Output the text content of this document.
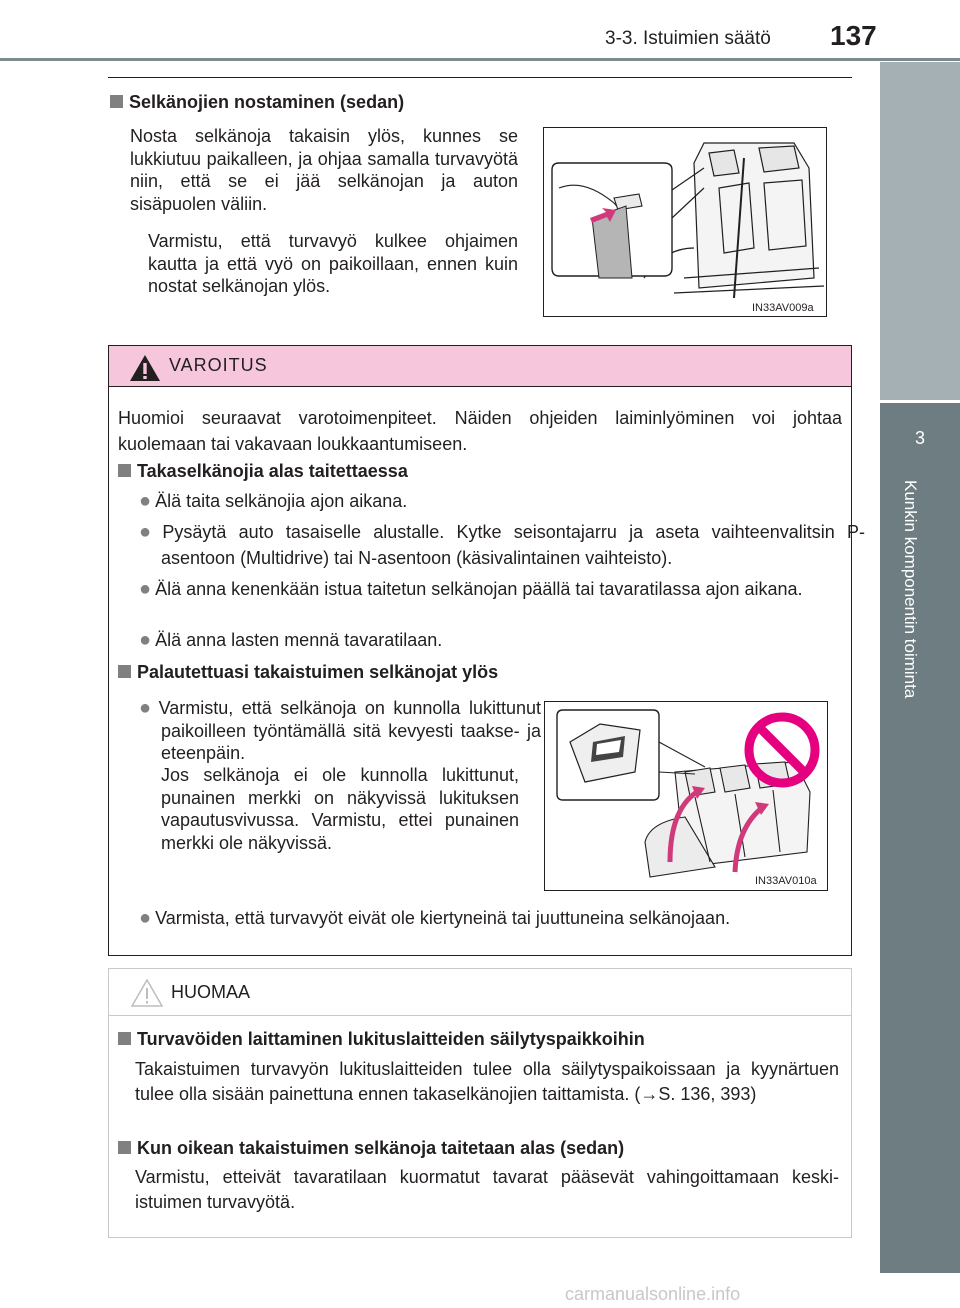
3-3. Istuimien säätö 137
3
Kunkin komponentin toiminta
Selkänojien nostaminen (sedan)
Nosta selkänoja takaisin ylös, kunnes se lukkiutuu paikalleen, ja ohjaa samalla turvavyötä niin, että se ei jää selkänojan ja auton sisäpuolen väliin.
Varmistu, että turvavyö kulkee ohjaimen kautta ja että vyö on paikoillaan, ennen kuin nostat selkänojan ylös.
IN33AV009a
VAROITUS
Huomioi seuraavat varotoimenpiteet. Näiden ohjeiden laiminlyöminen voi johtaa kuolemaan tai vakavaan loukkaantumiseen.
Takaselkänojia alas taitettaessa
● Älä taita selkänojia ajon aikana.
● Pysäytä auto tasaiselle alustalle. Kytke seisontajarru ja aseta vaihteenvalitsin P-asentoon (Multidrive) tai N-asentoon (käsivalintainen vaihteisto).
● Älä anna kenenkään istua taitetun selkänojan päällä tai tavaratilassa ajon aikana.
● Älä anna lasten mennä tavaratilaan.
Palautettuasi takaistuimen selkänojat ylös
● Varmistu, että selkänoja on kunnolla lukittunut paikoilleen työntämällä sitä kevyesti taakse- ja eteenpäin.
Jos selkänoja ei ole kunnolla lukittunut, punainen merkki on näkyvissä lukituksen vapautusvivussa. Varmistu, ettei punainen merkki ole näkyvissä.
IN33AV010a
● Varmista, että turvavyöt eivät ole kiertyneinä tai juuttuneina selkänojaan.
HUOMAA
Turvavöiden laittaminen lukituslaitteiden säilytyspaikkoihin
Takaistuimen turvavyön lukituslaitteiden tulee olla säilytyspaikoissaan ja kyynärtuen tulee olla sisään painettuna ennen takaselkänojien taittamista. (→S. 136, 393)
Kun oikean takaistuimen selkänoja taitetaan alas (sedan)
Varmistu, etteivät tavaratilaan kuormatut tavarat pääsevät vahingoittamaan keski-istuimen turvavyötä.
carmanualsonline.info
